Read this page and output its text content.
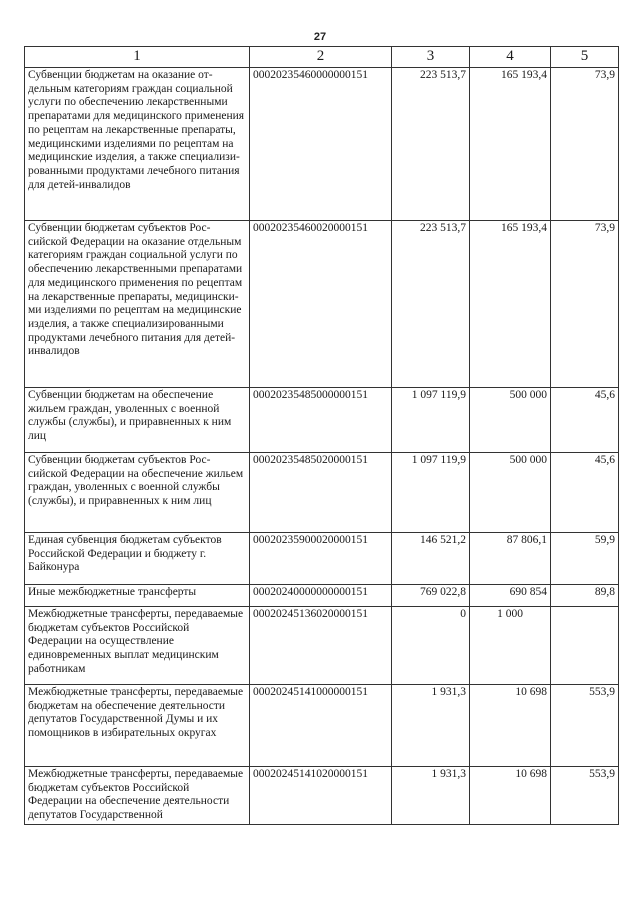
27
1	2	3	4	5
Субвенции бюджетам на оказание отдельным категориям граждан социальной услуги по обеспечению лекарственными препаратами для медицинского применения по рецептам на лекарственные препараты, медицинскими изделиями по рецептам на медицинские изделия, а также специализированными продуктами лечебного питания для детей-инвалидов	00020235460000000151	223 513,7	165 193,4	73,9
Субвенции бюджетам субъектов Российской Федерации на оказание отдельным категориям граждан социальной услуги по обеспечению лекарственными препаратами для медицинского применения по рецептам на лекарственные препараты, медицинскими изделиями по рецептам на медицинские изделия, а также специализированными продуктами лечебного питания для детей-инвалидов	00020235460020000151	223 513,7	165 193,4	73,9
Субвенции бюджетам на обеспечение жильем граждан, уволенных с военной службы (службы), и приравненных к ним лиц	00020235485000000151	1 097 119,9	500 000	45,6
Субвенции бюджетам субъектов Российской Федерации на обеспечение жильем граждан, уволенных с военной службы (службы), и приравненных к ним лиц	00020235485020000151	1 097 119,9	500 000	45,6
Единая субвенция бюджетам субъектов Российской Федерации и бюджету г. Байконура	00020235900020000151	146 521,2	87 806,1	59,9
Иные межбюджетные трансферты	00020240000000000151	769 022,8	690 854	89,8
Межбюджетные трансферты, передаваемые бюджетам субъектов Российской Федерации на осуществление единовременных выплат медицинским работникам	00020245136020000151	0	1 000	
Межбюджетные трансферты, передаваемые бюджетам на обеспечение деятельности депутатов Государственной Думы и их помощников в избирательных округах	00020245141000000151	1 931,3	10 698	553,9
Межбюджетные трансферты, передаваемые бюджетам субъектов Российской Федерации на обеспечение деятельности депутатов Государственной	00020245141020000151	1 931,3	10 698	553,9
